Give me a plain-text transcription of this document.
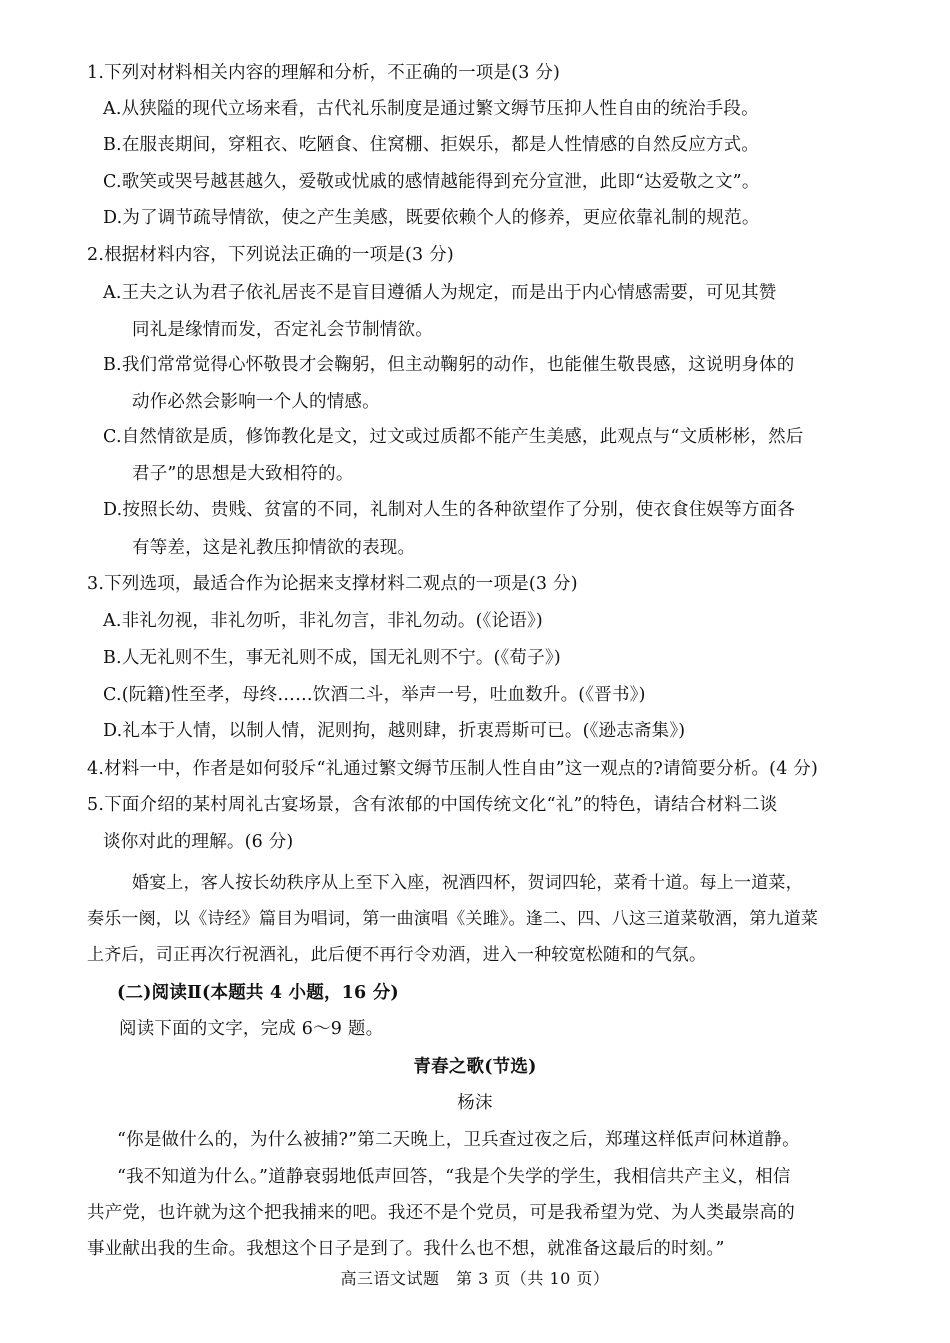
1.下列对材料相关内容的理解和分析，不正确的一项是(3 分)
A.从狭隘的现代立场来看，古代礼乐制度是通过繁文缛节压抑人性自由的统治手段。
B.在服丧期间，穿粗衣、吃陋食、住窝棚、拒娱乐，都是人性情感的自然反应方式。
C.歌笑或哭号越甚越久，爱敬或忧戚的感情越能得到充分宣泄，此即“达爱敬之文”。
D.为了调节疏导情欲，使之产生美感，既要依赖个人的修养，更应依靠礼制的规范。
2.根据材料内容，下列说法正确的一项是(3 分)
A.王夫之认为君子依礼居丧不是盲目遵循人为规定，而是出于内心情感需要，可见其赞
同礼是缘情而发，否定礼会节制情欲。
B.我们常常觉得心怀敬畏才会鞠躬，但主动鞠躬的动作，也能催生敬畏感，这说明身体的
动作必然会影响一个人的情感。
C.自然情欲是质，修饰教化是文，过文或过质都不能产生美感，此观点与“文质彬彬，然后
君子”的思想是大致相符的。
D.按照长幼、贵贱、贫富的不同，礼制对人生的各种欲望作了分别，使衣食住娱等方面各
有等差，这是礼教压抑情欲的表现。
3.下列选项，最适合作为论据来支撑材料二观点的一项是(3 分)
A.非礼勿视，非礼勿听，非礼勿言，非礼勿动。(《论语》)
B.人无礼则不生，事无礼则不成，国无礼则不宁。(《荀子》)
C.(阮籍)性至孝，母终……饮酒二斗，举声一号，吐血数升。(《晋书》)
D.礼本于人情，以制人情，泥则拘，越则肆，折衷焉斯可已。(《逊志斋集》)
4.材料一中，作者是如何驳斥“礼通过繁文缛节压制人性自由”这一观点的?请简要分析。(4 分)
5.下面介绍的某村周礼古宴场景，含有浓郁的中国传统文化“礼”的特色，请结合材料二谈
谈你对此的理解。(6 分)
婚宴上，客人按长幼秩序从上至下入座，祝酒四杯，贺词四轮，菜肴十道。每上一道菜，
奏乐一阕，以《诗经》篇目为唱词，第一曲演唱《关雎》。逢二、四、八这三道菜敬酒，第九道菜
上齐后，司正再次行祝酒礼，此后便不再行令劝酒，进入一种较宽松随和的气氛。
(二)阅读Ⅱ(本题共 4 小题，16 分)
阅读下面的文字，完成 6～9 题。
青春之歌(节选)
杨沫
“你是做什么的，为什么被捕?”第二天晚上，卫兵查过夜之后，郑瑾这样低声问林道静。
“我不知道为什么。”道静衰弱地低声回答，“我是个失学的学生，我相信共产主义，相信
共产党，也许就为这个把我捕来的吧。我还不是个党员，可是我希望为党、为人类最崇高的
事业献出我的生命。我想这个日子是到了。我什么也不想，就准备这最后的时刻。”
高三语文试题　第 3 页（共 10 页）
